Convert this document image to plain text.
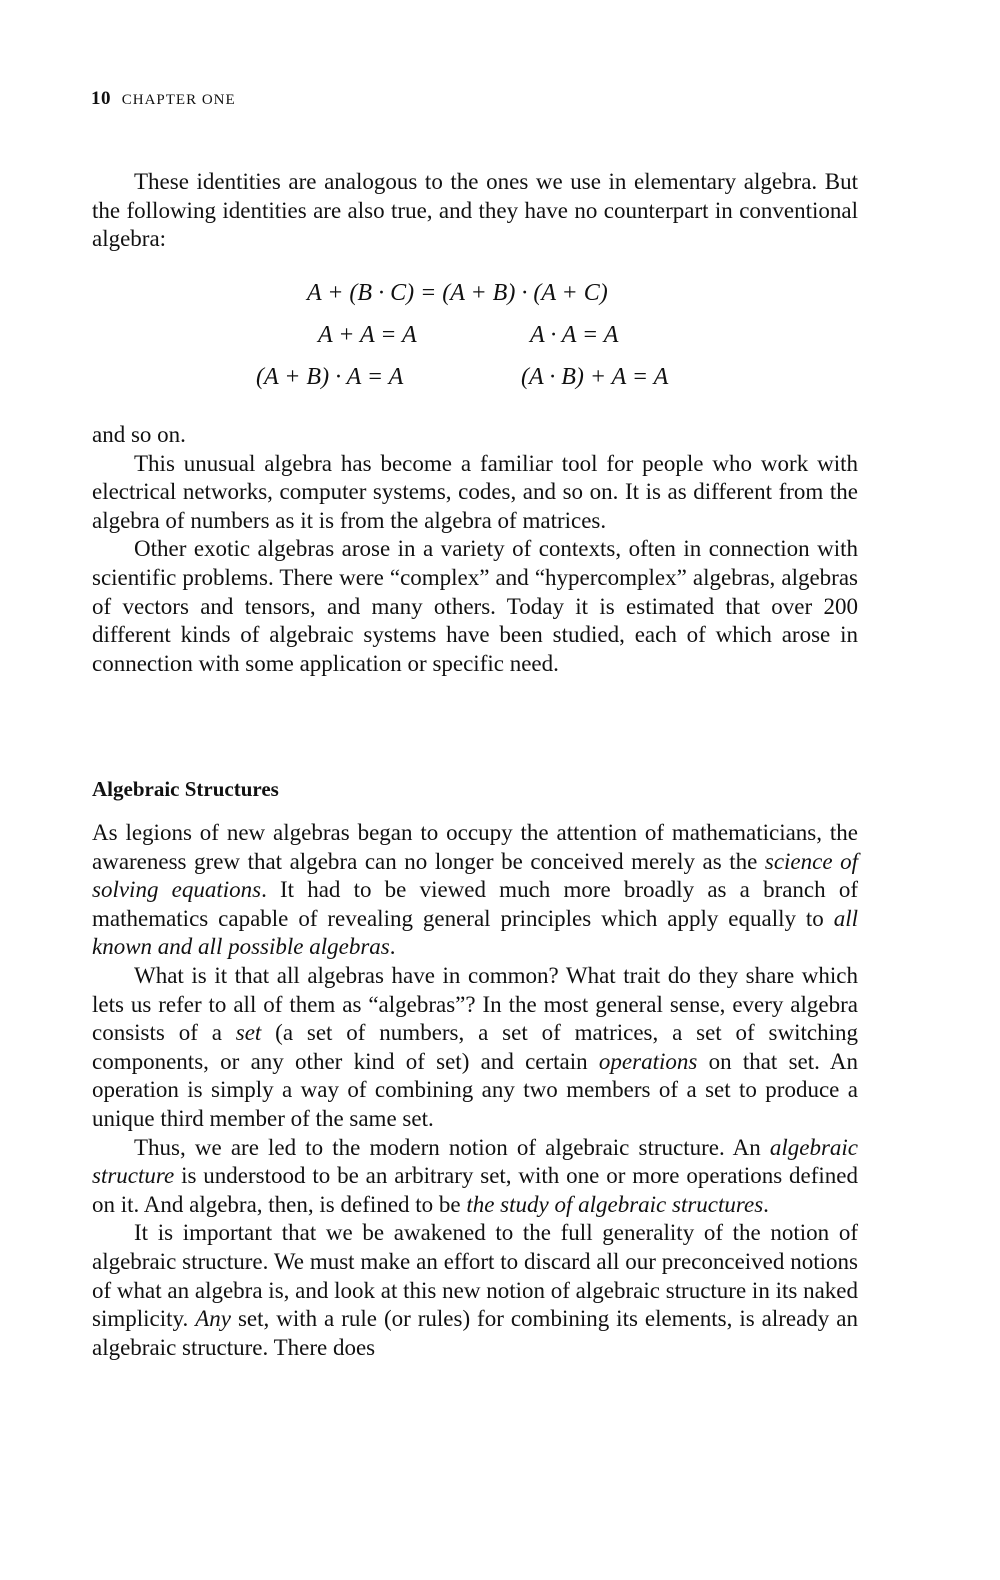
10 CHAPTER ONE

These identities are analogous to the ones we use in elementary algebra. But the following identities are also true, and they have no counterpart in conventional algebra:

A + (B · C) = (A + B) · (A + C)
A + A = A	A · A = A
(A + B) · A = A	(A · B) + A = A

and so on.

This unusual algebra has become a familiar tool for people who work with electrical networks, computer systems, codes, and so on. It is as different from the algebra of numbers as it is from the algebra of matrices.

Other exotic algebras arose in a variety of contexts, often in connection with scientific problems. There were “complex” and “hypercomplex” algebras, algebras of vectors and tensors, and many others. Today it is estimated that over 200 different kinds of algebraic systems have been studied, each of which arose in connection with some application or specific need.

Algebraic Structures

As legions of new algebras began to occupy the attention of mathematicians, the awareness grew that algebra can no longer be conceived merely as the science of solving equations. It had to be viewed much more broadly as a branch of mathematics capable of revealing general principles which apply equally to all known and all possible algebras.

What is it that all algebras have in common? What trait do they share which lets us refer to all of them as “algebras”? In the most general sense, every algebra consists of a set (a set of numbers, a set of matrices, a set of switching components, or any other kind of set) and certain operations on that set. An operation is simply a way of combining any two members of a set to produce a unique third member of the same set.

Thus, we are led to the modern notion of algebraic structure. An algebraic structure is understood to be an arbitrary set, with one or more operations defined on it. And algebra, then, is defined to be the study of algebraic structures.

It is important that we be awakened to the full generality of the notion of algebraic structure. We must make an effort to discard all our preconceived notions of what an algebra is, and look at this new notion of algebraic structure in its naked simplicity. Any set, with a rule (or rules) for combining its elements, is already an algebraic structure. There does
